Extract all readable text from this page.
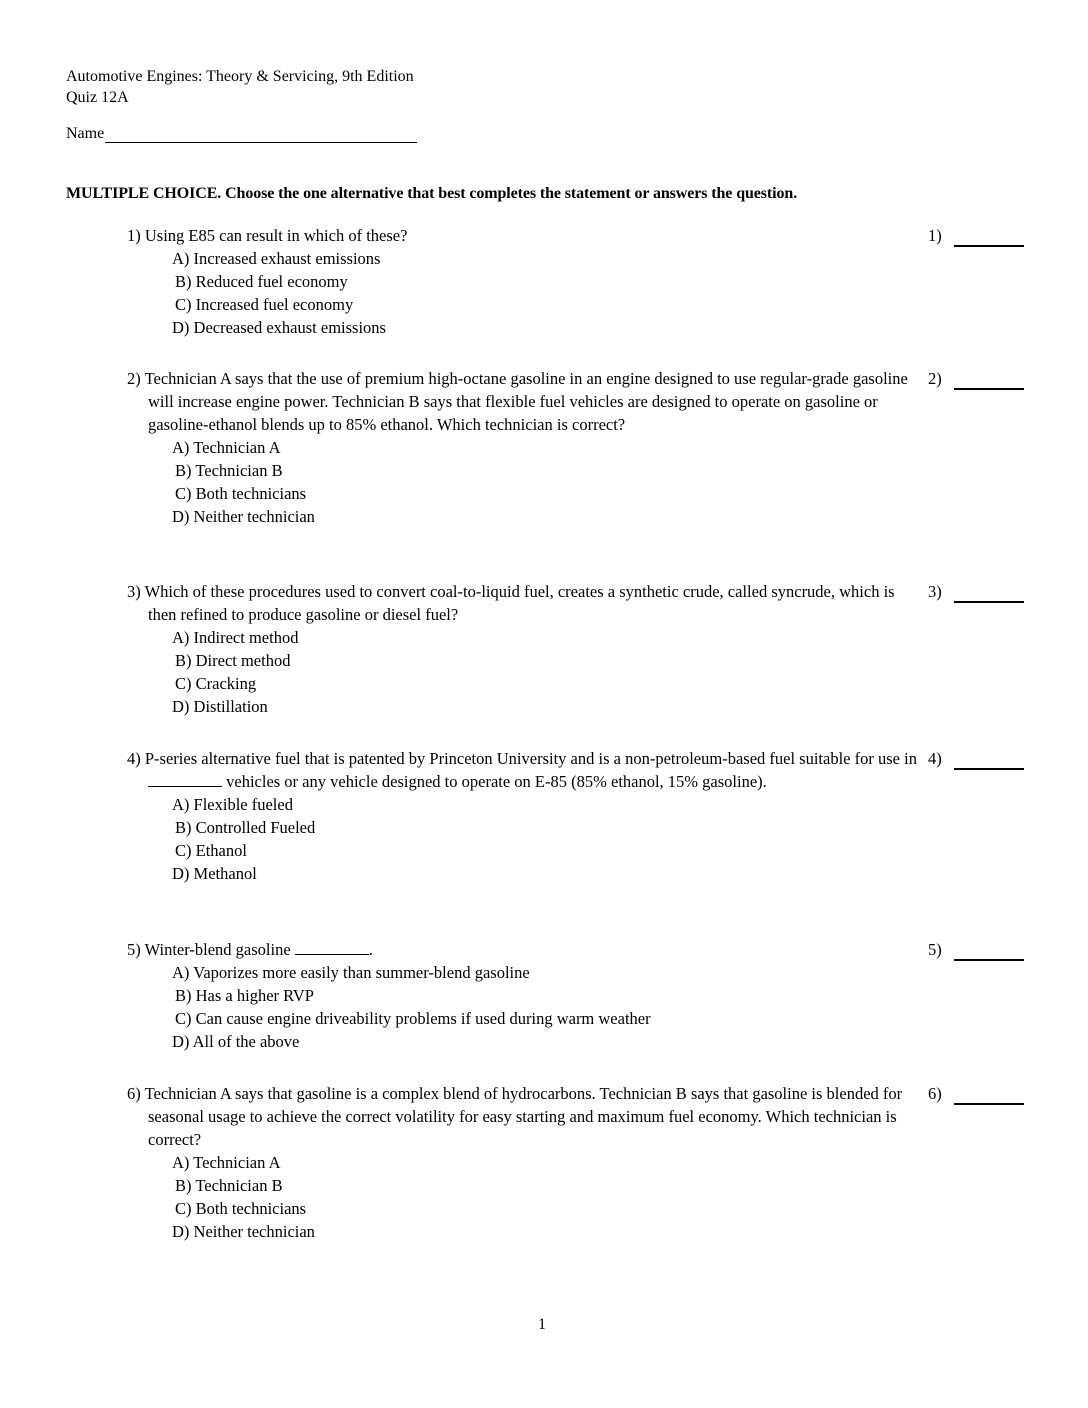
Automotive Engines: Theory & Servicing, 9th Edition
Quiz 12A
Name
MULTIPLE CHOICE. Choose the one alternative that best completes the statement or answers the question.
1) Using E85 can result in which of these?
A) Increased exhaust emissions
B) Reduced fuel economy
C) Increased fuel economy
D) Decreased exhaust emissions
1)
2) Technician A says that the use of premium high-octane gasoline in an engine designed to use regular-grade gasoline will increase engine power. Technician B says that flexible fuel vehicles are designed to operate on gasoline or gasoline-ethanol blends up to 85% ethanol. Which technician is correct?
A) Technician A
B) Technician B
C) Both technicians
D) Neither technician
2)
3) Which of these procedures used to convert coal-to-liquid fuel, creates a synthetic crude, called syncrude, which is then refined to produce gasoline or diesel fuel?
A) Indirect method
B) Direct method
C) Cracking
D) Distillation
3)
4) P-series alternative fuel that is patented by Princeton University and is a non-petroleum-based fuel suitable for use in  vehicles or any vehicle designed to operate on E-85 (85% ethanol, 15% gasoline).
A) Flexible fueled
B) Controlled Fueled
C) Ethanol
D) Methanol
4)
5) Winter-blend gasoline	.
A) Vaporizes more easily than summer-blend gasoline
B) Has a higher RVP
C) Can cause engine driveability problems if used during warm weather
D) All of the above
5)
6) Technician A says that gasoline is a complex blend of hydrocarbons. Technician B says that gasoline is blended for seasonal usage to achieve the correct volatility for easy starting and maximum fuel economy. Which technician is correct?
A) Technician A
B) Technician B
C) Both technicians
D) Neither technician
6)
1
